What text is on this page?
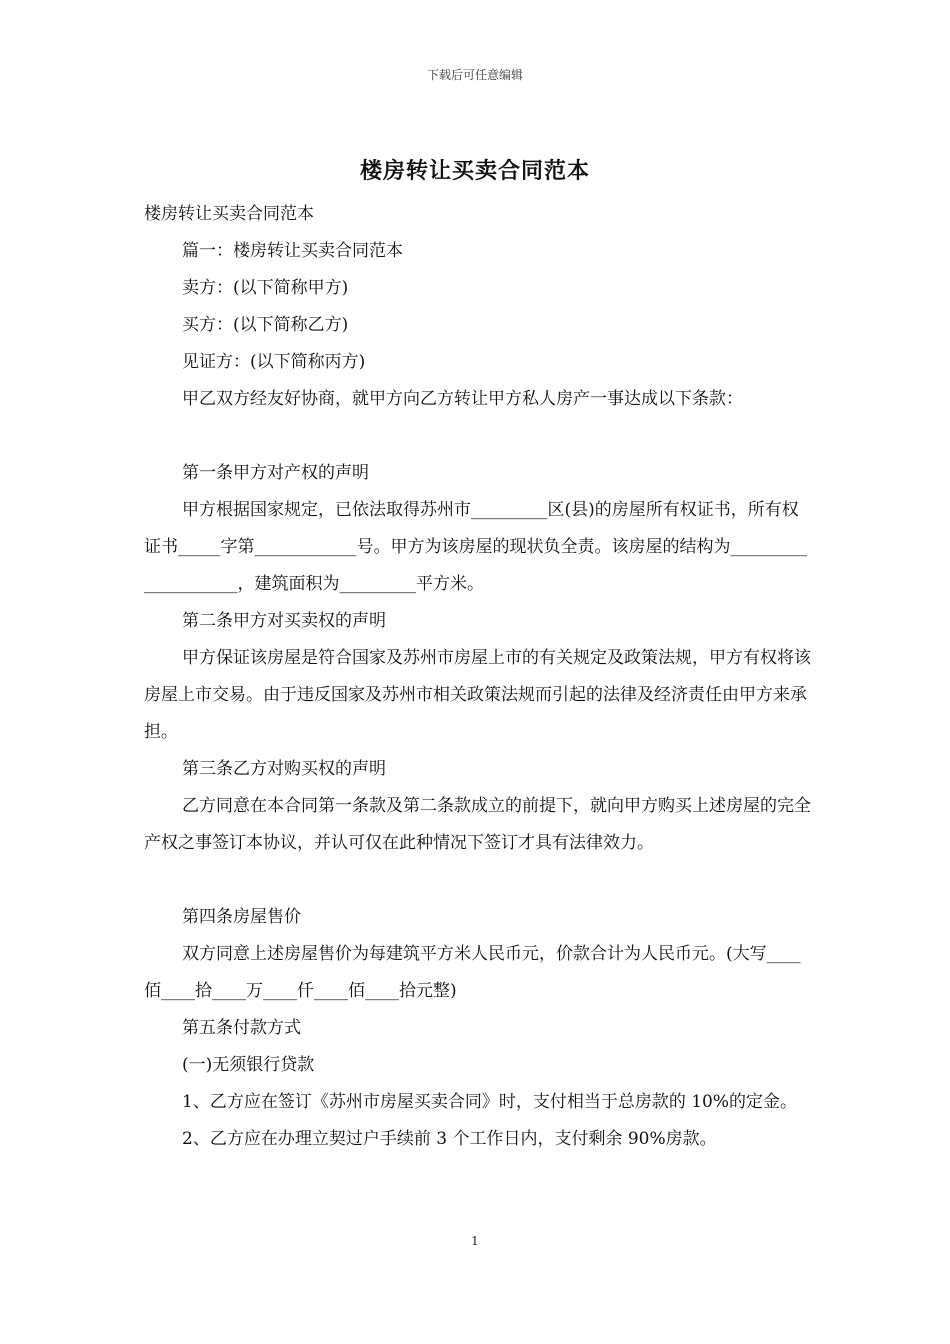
下载后可任意编辑
楼房转让买卖合同范本

楼房转让买卖合同范本

篇一：楼房转让买卖合同范本

卖方：(以下简称甲方)

买方：(以下简称乙方)

见证方：(以下简称丙方)

甲乙双方经友好协商，就甲方向乙方转让甲方私人房产一事达成以下条款：

第一条甲方对产权的声明

甲方根据国家规定，已依法取得苏州市_________区(县)的房屋所有权证书，所有权证书_____字第____________号。甲方为该房屋的现状负全责。该房屋的结构为____________________，建筑面积为_________平方米。

第二条甲方对买卖权的声明

甲方保证该房屋是符合国家及苏州市房屋上市的有关规定及政策法规，甲方有权将该房屋上市交易。由于违反国家及苏州市相关政策法规而引起的法律及经济责任由甲方来承担。

第三条乙方对购买权的声明

乙方同意在本合同第一条款及第二条款成立的前提下，就向甲方购买上述房屋的完全产权之事签订本协议，并认可仅在此种情况下签订才具有法律效力。

第四条房屋售价

双方同意上述房屋售价为每建筑平方米人民币元，价款合计为人民币元。(大写____佰____拾____万____仟____佰____拾元整)

第五条付款方式

(一)无须银行贷款

1、乙方应在签订《苏州市房屋买卖合同》时，支付相当于总房款的 10%的定金。

2、乙方应在办理立契过户手续前 3 个工作日内，支付剩余 90%房款。

1
